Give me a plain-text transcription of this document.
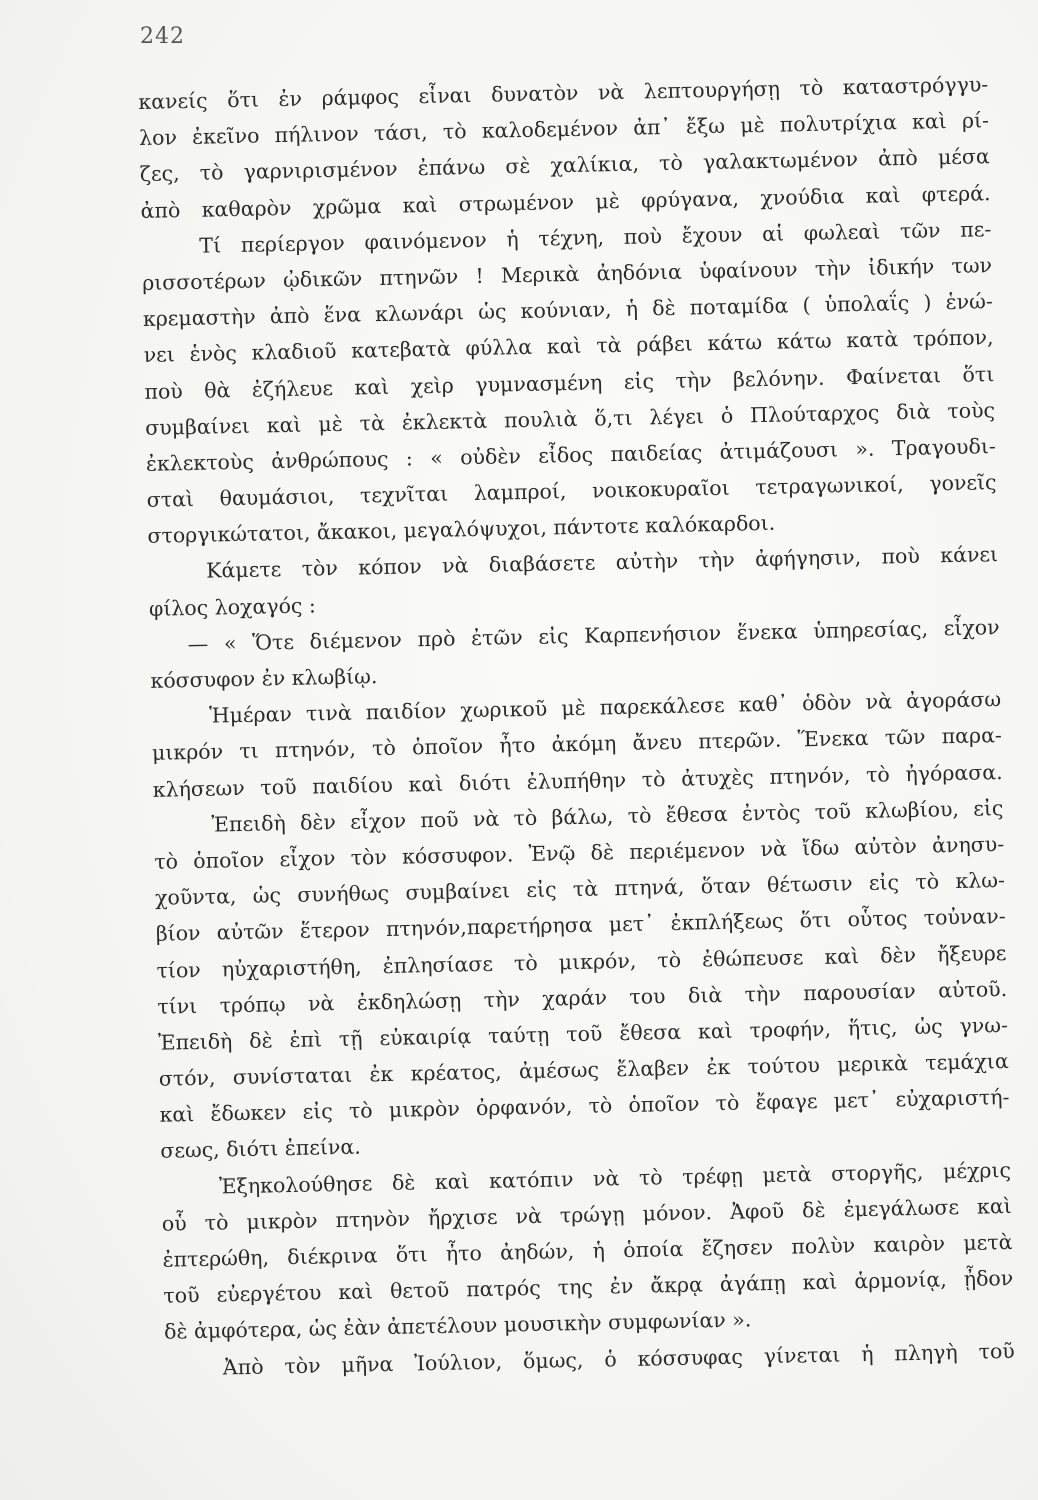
242
κανείς ὅτι ἐν ράμφος εἶναι δυνατὸν νὰ λεπτουργήσῃ τὸ καταστρόγγυ-
λον ἐκεῖνο πήλινον τάσι, τὸ καλοδεμένον ἀπ᾽ ἔξω μὲ πολυτρίχια καὶ ρί-
ζες, τὸ γαρνιρισμένον ἐπάνω σὲ χαλίκια, τὸ γαλακτωμένον ἀπὸ μέσα
ἀπὸ καθαρὸν χρῶμα καὶ στρωμένον μὲ φρύγανα, χνούδια καὶ φτερά.
Τί περίεργον φαινόμενον ἡ τέχνη, ποὺ ἔχουν αἱ φωλεαὶ τῶν πε-
ρισσοτέρων ᾠδικῶν πτηνῶν ! Μερικὰ ἀηδόνια ὑφαίνουν τὴν ἰδικήν των
κρεμαστὴν ἀπὸ ἕνα κλωνάρι ὡς κούνιαν, ἡ δὲ ποταμίδα ( ὑπολαΐς ) ἑνώ-
νει ἑνὸς κλαδιοῦ κατεβατὰ φύλλα καὶ τὰ ράβει κάτω κάτω κατὰ τρόπον,
ποὺ θὰ ἐζήλευε καὶ χεὶρ γυμνασμένη εἰς τὴν βελόνην. Φαίνεται ὅτι
συμβαίνει καὶ μὲ τὰ ἐκλεκτὰ πουλιὰ ὅ,τι λέγει ὁ Πλούταρχος διὰ τοὺς
ἐκλεκτοὺς ἀνθρώπους : « οὐδὲν εἶδος παιδείας ἀτιμάζουσι ». Τραγουδι-
σταὶ θαυμάσιοι, τεχνῖται λαμπροί, νοικοκυραῖοι τετραγωνικοί, γονεῖς
στοργικώτατοι, ἄκακοι, μεγαλόψυχοι, πάντοτε καλόκαρδοι.
Κάμετε τὸν κόπον νὰ διαβάσετε αὐτὴν τὴν ἀφήγησιν, ποὺ κάνει
φίλος λοχαγός :
— « Ὅτε διέμενον πρὸ ἐτῶν εἰς Καρπενήσιον ἕνεκα ὑπηρεσίας, εἶχον
κόσσυφον ἐν κλωβίῳ.
Ἡμέραν τινὰ παιδίον χωρικοῦ μὲ παρεκάλεσε καθ᾽ ὁδὸν νὰ ἀγοράσω
μικρόν τι πτηνόν, τὸ ὁποῖον ἦτο ἀκόμη ἄνευ πτερῶν. Ἕνεκα τῶν παρα-
κλήσεων τοῦ παιδίου καὶ διότι ἐλυπήθην τὸ ἀτυχὲς πτηνόν, τὸ ἠγόρασα.
Ἐπειδὴ δὲν εἶχον ποῦ νὰ τὸ βάλω, τὸ ἔθεσα ἐντὸς τοῦ κλωβίου, εἰς
τὸ ὁποῖον εἶχον τὸν κόσσυφον. Ἐνῷ δὲ περιέμενον νὰ ἴδω αὐτὸν ἀνησυ-
χοῦντα, ὡς συνήθως συμβαίνει εἰς τὰ πτηνά, ὅταν θέτωσιν εἰς τὸ κλω-
βίον αὐτῶν ἕτερον πτηνόν,παρετήρησα μετ᾽ ἐκπλήξεως ὅτι οὗτος τοὐναν-
τίον ηὐχαριστήθη, ἐπλησίασε τὸ μικρόν, τὸ ἐθώπευσε καὶ δὲν ἤξευρε
τίνι τρόπῳ νὰ ἐκδηλώσῃ τὴν χαράν του διὰ τὴν παρουσίαν αὐτοῦ.
Ἐπειδὴ δὲ ἐπὶ τῇ εὐκαιρίᾳ ταύτῃ τοῦ ἔθεσα καὶ τροφήν, ἥτις, ὡς γνω-
στόν, συνίσταται ἐκ κρέατος, ἀμέσως ἔλαβεν ἐκ τούτου μερικὰ τεμάχια
καὶ ἔδωκεν εἰς τὸ μικρὸν ὀρφανόν, τὸ ὁποῖον τὸ ἔφαγε μετ᾽ εὐχαριστή-
σεως, διότι ἐπείνα.
Ἐξηκολούθησε δὲ καὶ κατόπιν νὰ τὸ τρέφῃ μετὰ στοργῆς, μέχρις
οὗ τὸ μικρὸν πτηνὸν ἤρχισε νὰ τρώγῃ μόνον. Ἀφοῦ δὲ ἐμεγάλωσε καὶ
ἐπτερώθη, διέκρινα ὅτι ἦτο ἀηδών, ἡ ὁποία ἔζησεν πολὺν καιρὸν μετὰ
τοῦ εὐεργέτου καὶ θετοῦ πατρός της ἐν ἄκρᾳ ἀγάπῃ καὶ ἁρμονίᾳ, ᾖδον
δὲ ἀμφότερα, ὡς ἐὰν ἀπετέλουν μουσικὴν συμφωνίαν ».
Ἀπὸ τὸν μῆνα Ἰούλιον, ὅμως, ὁ κόσσυφας γίνεται ἡ πληγὴ τοῦ
